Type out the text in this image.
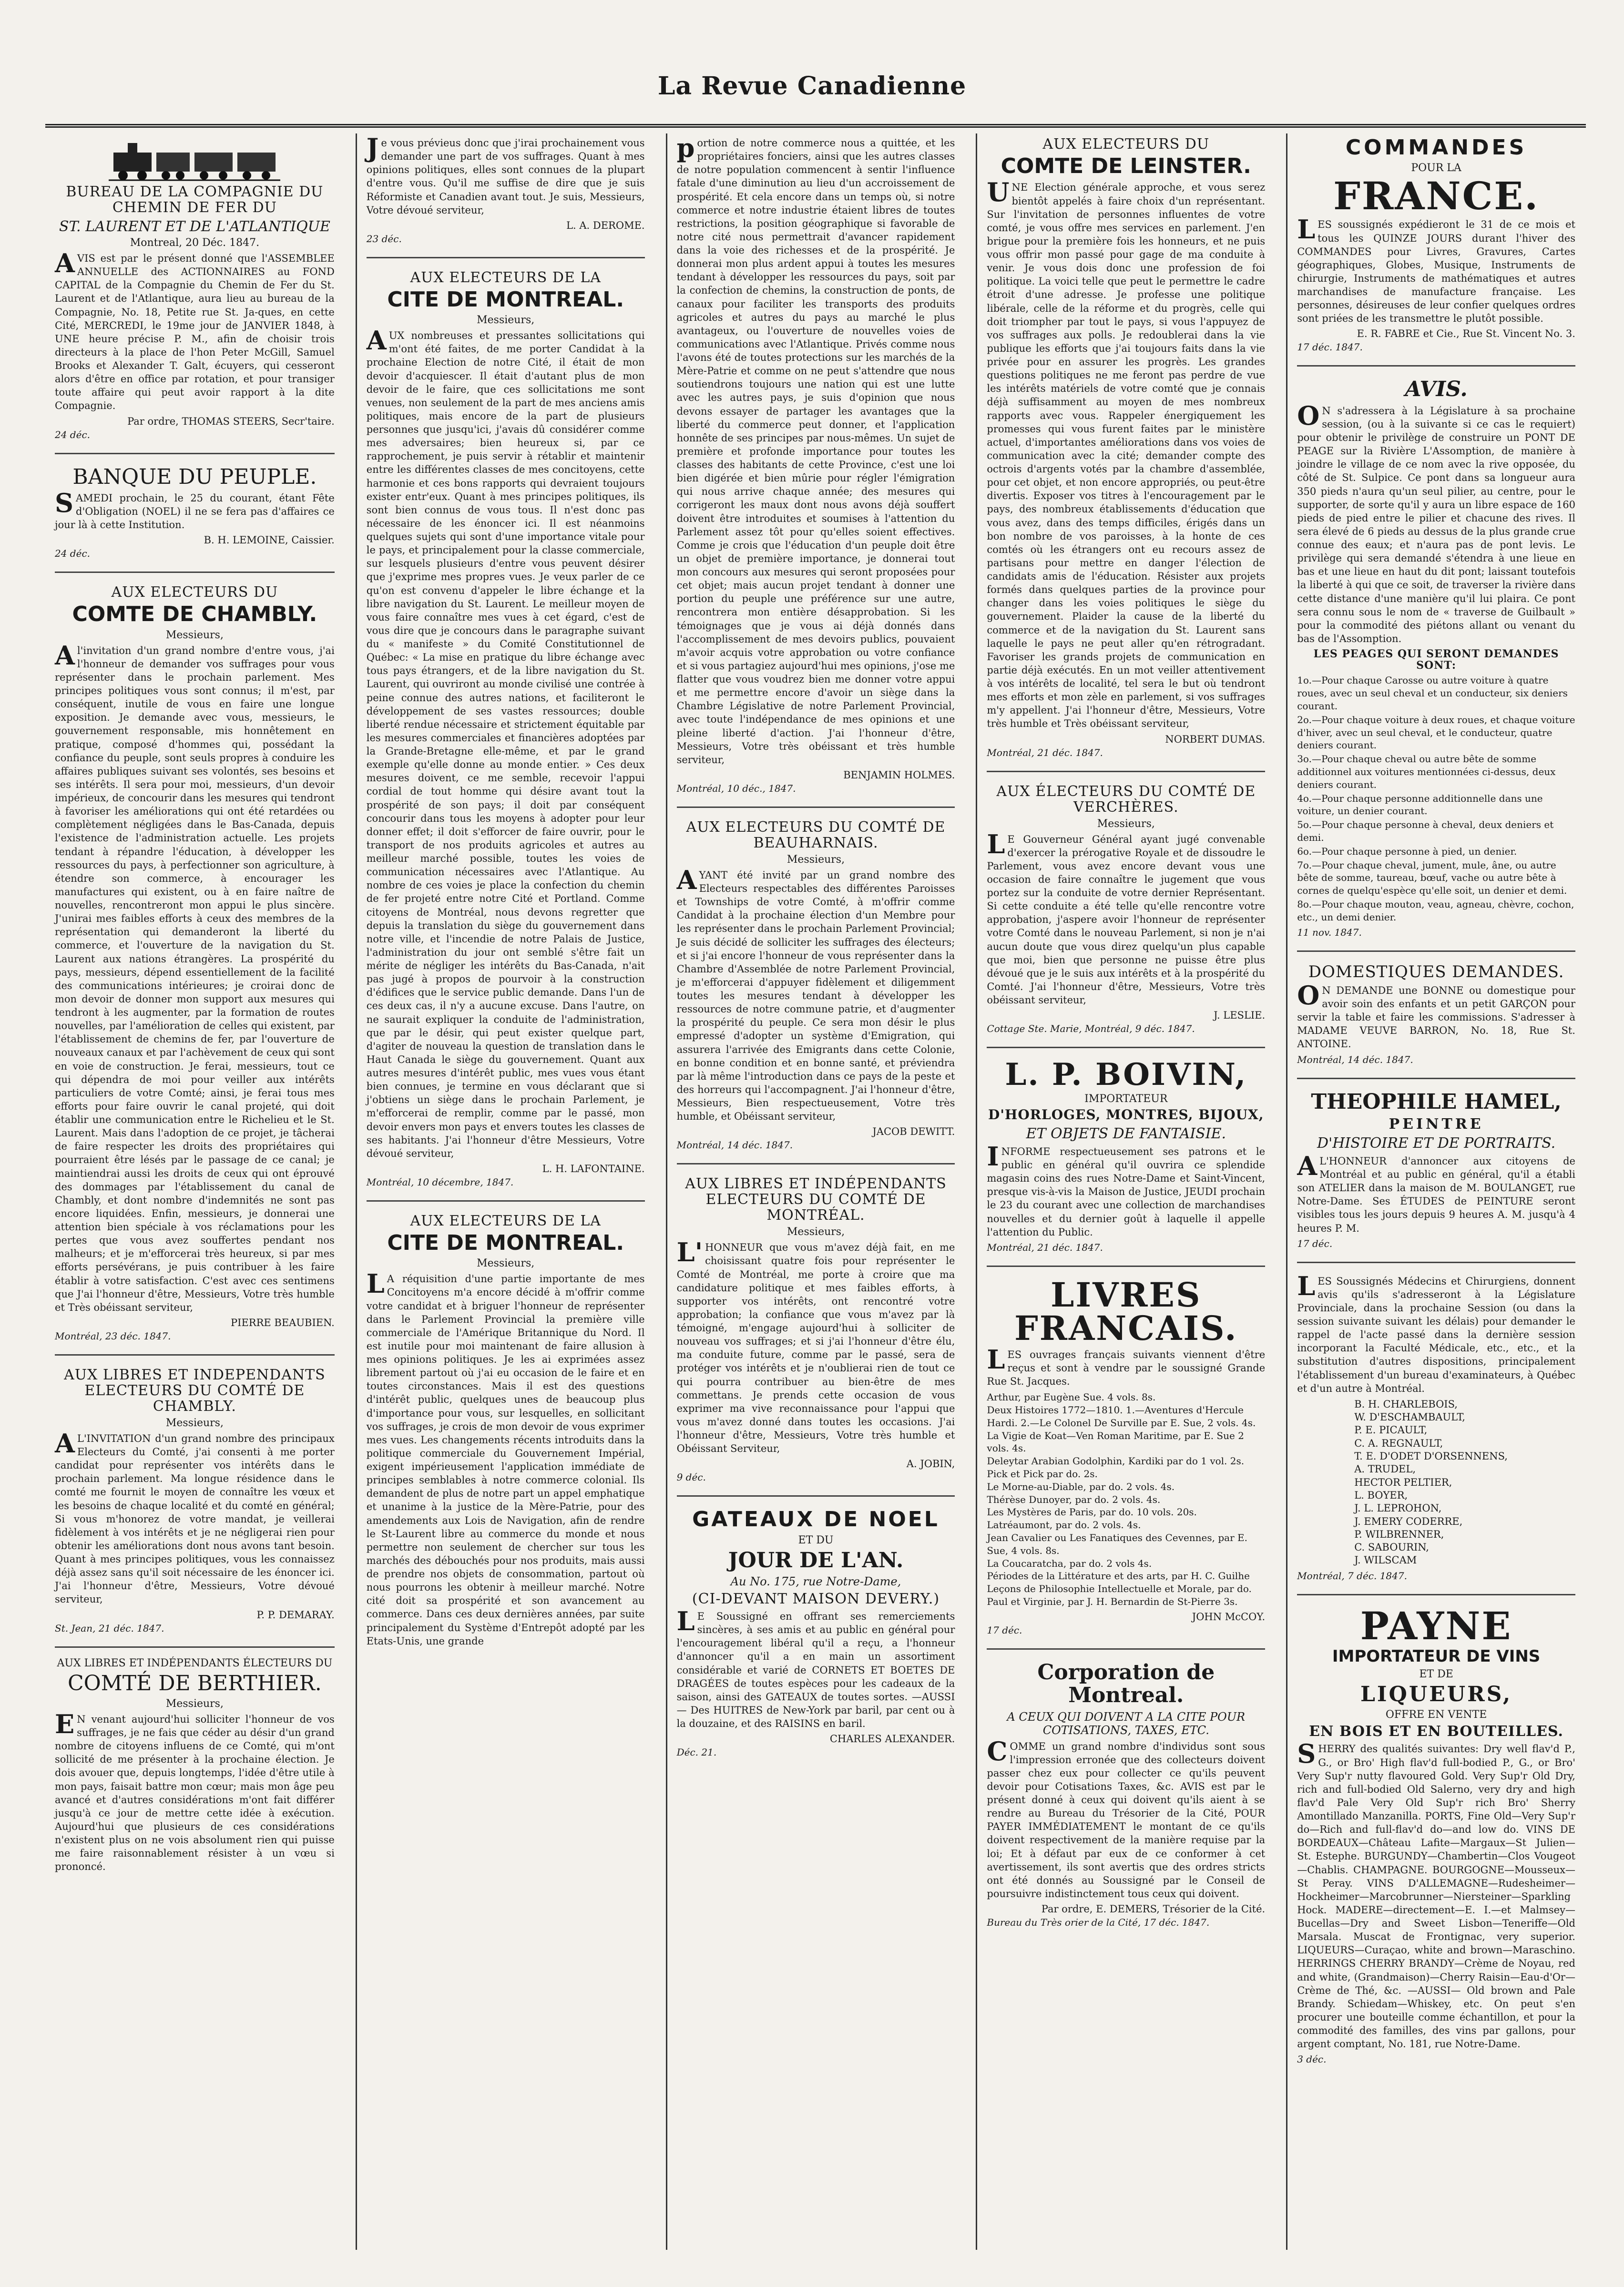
La Revue Canadienne
BUREAU DE LA COMPAGNIE DU CHEMIN DE FER DU
ST. LAURENT ET DE L'ATLANTIQUE
Montreal, 20 Déc. 1847.

AVIS est par le présent donné que l'ASSEMBLEE ANNUELLE des ACTIONNAIRES au FOND CAPITAL de la Compagnie du Chemin de Fer du St. Laurent et de l'Atlantique, aura lieu au bureau de la Compagnie, No. 18, Petite rue St. Ja-ques, en cette Cité, MERCREDI, le 19me jour de JANVIER 1848, à UNE heure précise P. M., afin de choisir trois directeurs à la place de l'hon Peter McGill, Samuel Brooks et Alexander T. Galt, écuyers, qui cesseront alors d'être en office par rotation, et pour transiger toute affaire qui peut avoir rapport à la dite Compagnie.

Par ordre, THOMAS STEERS, Secr'taire.
24 déc.
BANQUE DU PEUPLE.

SAMEDI prochain, le 25 du courant, étant Fête d'Obligation (NOEL) il ne se fera pas d'affaires ce jour là à cette Institution.

B. H. LEMOINE, Caissier.
24 déc.
AUX ELECTEURS DU
COMTE DE CHAMBLY.
Messieurs,

Al'invitation d'un grand nombre d'entre vous, j'ai l'honneur de demander vos suffrages pour vous représenter dans le prochain parlement. Mes principes politiques vous sont connus; il m'est, par conséquent, inutile de vous en faire une longue exposition. Je demande avec vous, messieurs, le gouvernement responsable, mis honnêtement en pratique, composé d'hommes qui, possédant la confiance du peuple, sont seuls propres à conduire les affaires publiques suivant ses volontés, ses besoins et ses intérêts. Il sera pour moi, messieurs, d'un devoir impérieux, de concourir dans les mesures qui tendront à favoriser les améliorations qui ont été retardées ou complètement négligées dans le Bas-Canada, depuis l'existence de l'administration actuelle. Les projets tendant à répandre l'éducation, à développer les ressources du pays, à perfectionner son agriculture, à étendre son commerce, à encourager les manufactures qui existent, ou à en faire naître de nouvelles, rencontreront mon appui le plus sincère. J'unirai mes faibles efforts à ceux des membres de la représentation qui demanderont la liberté du commerce, et l'ouverture de la navigation du St. Laurent aux nations étrangères. La prospérité du pays, messieurs, dépend essentiellement de la facilité des communications intérieures; je croirai donc de mon devoir de donner mon support aux mesures qui tendront à les augmenter, par la formation de routes nouvelles, par l'amélioration de celles qui existent, par l'établissement de chemins de fer, par l'ouverture de nouveaux canaux et par l'achèvement de ceux qui sont en voie de construction. Je ferai, messieurs, tout ce qui dépendra de moi pour veiller aux intérêts particuliers de votre Comté; ainsi, je ferai tous mes efforts pour faire ouvrir le canal projeté, qui doit établir une communication entre le Richelieu et le St. Laurent. Mais dans l'adoption de ce projet, je tâcherai de faire respecter les droits des propriétaires qui pourraient être lésés par le passage de ce canal; je maintiendrai aussi les droits de ceux qui ont éprouvé des dommages par l'établissement du canal de Chambly, et dont nombre d'indemnités ne sont pas encore liquidées. Enfin, messieurs, je donnerai une attention bien spéciale à vos réclamations pour les pertes que vous avez souffertes pendant nos malheurs; et je m'efforcerai très heureux, si par mes efforts persévérans, je puis contribuer à les faire établir à votre satisfaction. C'est avec ces sentimens que J'ai l'honneur d'être, Messieurs, Votre très humble et Très obéissant serviteur,

PIERRE BEAUBIEN.
Montréal, 23 déc. 1847.
AUX LIBRES ET INDEPENDANTS ELECTEURS DU COMTÉ DE CHAMBLY.
Messieurs,

AL'INVITATION d'un grand nombre des principaux Electeurs du Comté, j'ai consenti à me porter candidat pour représenter vos intérêts dans le prochain parlement. Ma longue résidence dans le comté me fournit le moyen de connaître les vœux et les besoins de chaque localité et du comté en général; Si vous m'honorez de votre mandat, je veillerai fidèlement à vos intérêts et je ne négligerai rien pour obtenir les améliorations dont nous avons tant besoin. Quant à mes principes politiques, vous les connaissez déjà assez sans qu'il soit nécessaire de les énoncer ici. J'ai l'honneur d'être, Messieurs, Votre dévoué serviteur,

P. P. DEMARAY.
St. Jean, 21 déc. 1847.
AUX LIBRES ET INDÉPENDANTS ÉLECTEURS DU
COMTÉ DE BERTHIER.
Messieurs,

EN venant aujourd'hui solliciter l'honneur de vos suffrages, je ne fais que céder au désir d'un grand nombre de citoyens influens de ce Comté, qui m'ont sollicité de me présenter à la prochaine élection. Je dois avouer que, depuis longtemps, l'idée d'être utile à mon pays, faisait battre mon cœur; mais mon âge peu avancé et d'autres considérations m'ont fait différer jusqu'à ce jour de mettre cette idée à exécution. Aujourd'hui que plusieurs de ces considérations n'existent plus on ne vois absolument rien qui puisse me faire raisonnablement résister à un vœu si prononcé.

Je vous prévieus donc que j'irai prochainement vous demander une part de vos suffrages. Quant à mes opinions politiques, elles sont connues de la plupart d'entre vous. Qu'il me suffise de dire que je suis Réformiste et Canadien avant tout. Je suis, Messieurs, Votre dévoué serviteur,

L. A. DEROME.
23 déc.
AUX ELECTEURS DE LA
CITE DE MONTREAL.
Messieurs,

AUX nombreuses et pressantes sollicitations qui m'ont été faites, de me porter Candidat à la prochaine Election de notre Cité, il était de mon devoir d'acquiescer. Il était d'autant plus de mon devoir de le faire, que ces sollicitations me sont venues, non seulement de la part de mes anciens amis politiques, mais encore de la part de plusieurs personnes que jusqu'ici, j'avais dû considérer comme mes adversaires; bien heureux si, par ce rapprochement, je puis servir à rétablir et maintenir entre les différentes classes de mes concitoyens, cette harmonie et ces bons rapports qui devraient toujours exister entr'eux. Quant à mes principes politiques, ils sont bien connus de vous tous. Il n'est donc pas nécessaire de les énoncer ici. Il est néanmoins quelques sujets qui sont d'une importance vitale pour le pays, et principalement pour la classe commerciale, sur lesquels plusieurs d'entre vous peuvent désirer que j'exprime mes propres vues. Je veux parler de ce qu'on est convenu d'appeler le libre échange et la libre navigation du St. Laurent. Le meilleur moyen de vous faire connaître mes vues à cet égard, c'est de vous dire que je concours dans le paragraphe suivant du « manifeste » du Comité Constitutionnel de Québec: « La mise en pratique du libre échange avec tous pays étrangers, et de la libre navigation du St. Laurent, qui ouvriront au monde civilisé une contrée à peine connue des autres nations, et faciliteront le développement de ses vastes ressources; double liberté rendue nécessaire et strictement équitable par les mesures commerciales et financières adoptées par la Grande-Bretagne elle-même, et par le grand exemple qu'elle donne au monde entier. » Ces deux mesures doivent, ce me semble, recevoir l'appui cordial de tout homme qui désire avant tout la prospérité de son pays; il doit par conséquent concourir dans tous les moyens à adopter pour leur donner effet; il doit s'efforcer de faire ouvrir, pour le transport de nos produits agricoles et autres au meilleur marché possible, toutes les voies de communication nécessaires avec l'Atlantique. Au nombre de ces voies je place la confection du chemin de fer projeté entre notre Cité et Portland. Comme citoyens de Montréal, nous devons regretter que depuis la translation du siège du gouvernement dans notre ville, et l'incendie de notre Palais de Justice, l'administration du jour ont semblé s'être fait un mérite de négliger les intérêts du Bas-Canada, n'ait pas jugé à propos de pourvoir à la construction d'édifices que le service public demande. Dans l'un de ces deux cas, il n'y a aucune excuse. Dans l'autre, on ne saurait expliquer la conduite de l'administration, que par le désir, qui peut exister quelque part, d'agiter de nouveau la question de translation dans le Haut Canada le siège du gouvernement. Quant aux autres mesures d'intérêt public, mes vues vous étant bien connues, je termine en vous déclarant que si j'obtiens un siège dans le prochain Parlement, je m'efforcerai de remplir, comme par le passé, mon devoir envers mon pays et envers toutes les classes de ses habitants. J'ai l'honneur d'être Messieurs, Votre dévoué serviteur,

L. H. LAFONTAINE.
Montréal, 10 décembre, 1847.
AUX ELECTEURS DE LA
CITE DE MONTREAL.
Messieurs,

LA réquisition d'une partie importante de mes Concitoyens m'a encore décidé à m'offrir comme votre candidat et à briguer l'honneur de représenter dans le Parlement Provincial la première ville commerciale de l'Amérique Britannique du Nord. Il est inutile pour moi maintenant de faire allusion à mes opinions politiques. Je les ai exprimées assez librement partout où j'ai eu occasion de le faire et en toutes circonstances. Mais il est des questions d'intérêt public, quelques unes de beaucoup plus d'importance pour vous, sur lesquelles, en sollicitant vos suffrages, je crois de mon devoir de vous exprimer mes vues. Les changements récents introduits dans la politique commerciale du Gouvernement Impérial, exigent impérieusement l'application immédiate de principes semblables à notre commerce colonial. Ils demandent de plus de notre part un appel emphatique et unanime à la justice de la Mère-Patrie, pour des amendements aux Lois de Navigation, afin de rendre le St-Laurent libre au commerce du monde et nous permettre non seulement de chercher sur tous les marchés des débouchés pour nos produits, mais aussi de prendre nos objets de consommation, partout où nous pourrons les obtenir à meilleur marché. Notre cité doit sa prospérité et son avancement au commerce. Dans ces deux dernières années, par suite principalement du Système d'Entrepôt adopté par les Etats-Unis, une grande

portion de notre commerce nous a quittée, et les propriétaires fonciers, ainsi que les autres classes de notre population commencent à sentir l'influence fatale d'une diminution au lieu d'un accroissement de prospérité. Et cela encore dans un temps où, si notre commerce et notre industrie étaient libres de toutes restrictions, la position géographique si favorable de notre cité nous permettrait d'avancer rapidement dans la voie des richesses et de la prospérité. Je donnerai mon plus ardent appui à toutes les mesures tendant à développer les ressources du pays, soit par la confection de chemins, la construction de ponts, de canaux pour faciliter les transports des produits agricoles et autres du pays au marché le plus avantageux, ou l'ouverture de nouvelles voies de communications avec l'Atlantique. Privés comme nous l'avons été de toutes protections sur les marchés de la Mère-Patrie et comme on ne peut s'attendre que nous soutiendrons toujours une nation qui est une lutte avec les autres pays, je suis d'opinion que nous devons essayer de partager les avantages que la liberté du commerce peut donner, et l'application honnête de ses principes par nous-mêmes. Un sujet de première et profonde importance pour toutes les classes des habitants de cette Province, c'est une loi bien digérée et bien mûrie pour régler l'émigration qui nous arrive chaque année; des mesures qui corrigeront les maux dont nous avons déjà souffert doivent être introduites et soumises à l'attention du Parlement assez tôt pour qu'elles soient effectives. Comme je crois que l'éducation d'un peuple doit être un objet de première importance, je donnerai tout mon concours aux mesures qui seront proposées pour cet objet; mais aucun projet tendant à donner une portion du peuple une préférence sur une autre, rencontrera mon entière désapprobation. Si les témoignages que je vous ai déjà donnés dans l'accomplissement de mes devoirs publics, pouvaient m'avoir acquis votre approbation ou votre confiance et si vous partagiez aujourd'hui mes opinions, j'ose me flatter que vous voudrez bien me donner votre appui et me permettre encore d'avoir un siège dans la Chambre Législative de notre Parlement Provincial, avec toute l'indépendance de mes opinions et une pleine liberté d'action. J'ai l'honneur d'être, Messieurs, Votre très obéissant et très humble serviteur,

BENJAMIN HOLMES.
Montréal, 10 déc., 1847.
AUX ELECTEURS DU COMTÉ DE BEAUHARNAIS.
Messieurs,

AYANT été invité par un grand nombre des Electeurs respectables des différentes Paroisses et Townships de votre Comté, à m'offrir comme Candidat à la prochaine élection d'un Membre pour les représenter dans le prochain Parlement Provincial; Je suis décidé de solliciter les suffrages des électeurs; et si j'ai encore l'honneur de vous représenter dans la Chambre d'Assemblée de notre Parlement Provincial, je m'efforcerai d'appuyer fidèlement et diligemment toutes les mesures tendant à développer les ressources de notre commune patrie, et d'augmenter la prospérité du peuple. Ce sera mon désir le plus empressé d'adopter un système d'Emigration, qui assurera l'arrivée des Emigrants dans cette Colonie, en bonne condition et en bonne santé, et préviendra par là même l'introduction dans ce pays de la peste et des horreurs qui l'accompagnent. J'ai l'honneur d'être, Messieurs, Bien respectueusement, Votre très humble, et Obéissant serviteur,

JACOB DEWITT.
Montréal, 14 déc. 1847.
AUX LIBRES ET INDÉPENDANTS ELECTEURS DU COMTÉ DE MONTRÉAL.
Messieurs,

L'HONNEUR que vous m'avez déjà fait, en me choisissant quatre fois pour représenter le Comté de Montréal, me porte à croire que ma candidature politique et mes faibles efforts, à supporter vos intérêts, ont rencontré votre approbation; la confiance que vous m'avez par là témoigné, m'engage aujourd'hui à solliciter de nouveau vos suffrages; et si j'ai l'honneur d'être élu, ma conduite future, comme par le passé, sera de protéger vos intérêts et je n'oublierai rien de tout ce qui pourra contribuer au bien-être de mes commettans. Je prends cette occasion de vous exprimer ma vive reconnaissance pour l'appui que vous m'avez donné dans toutes les occasions. J'ai l'honneur d'être, Messieurs, Votre très humble et Obéissant Serviteur,

A. JOBIN,
9 déc.
GATEAUX DE NOEL
ET DU
JOUR DE L'AN.
Au No. 175, rue Notre-Dame,
(CI-DEVANT MAISON DEVERY.)

LE Soussigné en offrant ses remerciements sincères, à ses amis et au public en général pour l'encouragement libéral qu'il a reçu, a l'honneur d'annoncer qu'il a en main un assortiment considérable et varié de CORNETS ET BOETES DE DRAGÉES de toutes espèces pour les cadeaux de la saison, ainsi des GATEAUX de toutes sortes. —AUSSI— Des HUITRES de New-York par baril, par cent ou à la douzaine, et des RAISINS en baril.

CHARLES ALEXANDER.
Déc. 21.
AUX ELECTEURS DU
COMTE DE LEINSTER.

UNE Election générale approche, et vous serez bientôt appelés à faire choix d'un représentant. Sur l'invitation de personnes influentes de votre comté, je vous offre mes services en parlement. J'en brigue pour la première fois les honneurs, et ne puis vous offrir mon passé pour gage de ma conduite à venir. Je vous dois donc une profession de foi politique. La voici telle que peut le permettre le cadre étroit d'une adresse. Je professe une politique libérale, celle de la réforme et du progrès, celle qui doit triompher par tout le pays, si vous l'appuyez de vos suffrages aux polls. Je redoublerai dans la vie publique les efforts que j'ai toujours faits dans la vie privée pour en assurer les progrès. Les grandes questions politiques ne me feront pas perdre de vue les intérêts matériels de votre comté que je connais déjà suffisamment au moyen de mes nombreux rapports avec vous. Rappeler énergiquement les promesses qui vous furent faites par le ministère actuel, d'importantes améliorations dans vos voies de communication avec la cité; demander compte des octrois d'argents votés par la chambre d'assemblée, pour cet objet, et non encore appropriés, ou peut-être divertis. Exposer vos titres à l'encouragement par le pays, des nombreux établissements d'éducation que vous avez, dans des temps difficiles, érigés dans un bon nombre de vos paroisses, à la honte de ces comtés où les étrangers ont eu recours assez de partisans pour mettre en danger l'élection de candidats amis de l'éducation. Résister aux projets formés dans quelques parties de la province pour changer dans les voies politiques le siège du gouvernement. Plaider la cause de la liberté du commerce et de la navigation du St. Laurent sans laquelle le pays ne peut aller qu'en rétrogradant. Favoriser les grands projets de communication en partie déjà exécutés. En un mot veiller attentivement à vos intérêts de localité, tel sera le but où tendront mes efforts et mon zèle en parlement, si vos suffrages m'y appellent. J'ai l'honneur d'être, Messieurs, Votre très humble et Très obéissant serviteur,

NORBERT DUMAS.
Montréal, 21 déc. 1847.
AUX ÉLECTEURS DU COMTÉ DE VERCHÈRES.
Messieurs,

LE Gouverneur Général ayant jugé convenable d'exercer la prérogative Royale et de dissoudre le Parlement, vous avez encore devant vous une occasion de faire connaître le jugement que vous portez sur la conduite de votre dernier Représentant. Si cette conduite a été telle qu'elle rencontre votre approbation, j'aspere avoir l'honneur de représenter votre Comté dans le nouveau Parlement, si non je n'ai aucun doute que vous direz quelqu'un plus capable que moi, bien que personne ne puisse être plus dévoué que je le suis aux intérêts et à la prospérité du Comté. J'ai l'honneur d'être, Messieurs, Votre très obéissant serviteur,

J. LESLIE.
Cottage Ste. Marie, Montréal, 9 déc. 1847.
L. P. BOIVIN,
IMPORTATEUR
D'HORLOGES, MONTRES, BIJOUX,
ET OBJETS DE FANTAISIE.

INFORME respectueusement ses patrons et le public en général qu'il ouvrira ce splendide magasin coins des rues Notre-Dame et Saint-Vincent, presque vis-à-vis la Maison de Justice, JEUDI prochain le 23 du courant avec une collection de marchandises nouvelles et du dernier goût à laquelle il appelle l'attention du Public.

Montréal, 21 déc. 1847.
LIVRES FRANCAIS.

LES ouvrages français suivants viennent d'être reçus et sont à vendre par le soussigné Grande Rue St. Jacques.

Arthur, par Eugène Sue. 4 vols. 8s.
Deux Histoires 1772—1810. 1.—Aventures d'Hercule Hardi. 2.—Le Colonel De Surville par E. Sue, 2 vols. 4s.
La Vigie de Koat—Ven Roman Maritime, par E. Sue 2 vols. 4s.
Deleytar Arabian Godolphin, Kardiki par do 1 vol. 2s.
Pick et Pick par do. 2s.
Le Morne-au-Diable, par do. 2 vols. 4s.
Thérèse Dunoyer, par do. 2 vols. 4s.
Les Mystères de Paris, par do. 10 vols. 20s.
Latréaumont, par do. 2 vols. 4s.
Jean Cavalier ou Les Fanatiques des Cevennes, par E. Sue, 4 vols. 8s.
La Coucaratcha, par do. 2 vols 4s.
Périodes de la Littérature et des arts, par H. C. Guilhe
Leçons de Philosophie Intellectuelle et Morale, par do.
Paul et Virginie, par J. H. Bernardin de St-Pierre 3s.
JOHN McCOY.
17 déc.
Corporation de Montreal.
A CEUX QUI DOIVENT A LA CITE POUR COTISATIONS, TAXES, ETC.

COMME un grand nombre d'individus sont sous l'impression erronée que des collecteurs doivent passer chez eux pour collecter ce qu'ils peuvent devoir pour Cotisations Taxes, &c. AVIS est par le présent donné à ceux qui doivent qu'ils aient à se rendre au Bureau du Trésorier de la Cité, POUR PAYER IMMÉDIATEMENT le montant de ce qu'ils doivent respectivement de la manière requise par la loi; Et à défaut par eux de ce conformer à cet avertissement, ils sont avertis que des ordres stricts ont été donnés au Soussigné par le Conseil de poursuivre indistinctement tous ceux qui doivent.

Par ordre, E. DEMERS, Trésorier de la Cité.
Bureau du Très orier de la Cité, 17 déc. 1847.
COMMANDES
POUR LA
FRANCE.

LES soussignés expédieront le 31 de ce mois et tous les QUINZE JOURS durant l'hiver des COMMANDES pour Livres, Gravures, Cartes géographiques, Globes, Musique, Instruments de chirurgie, Instruments de mathématiques et autres marchandises de manufacture française. Les personnes, désireuses de leur confier quelques ordres sont priées de les transmettre le plutôt possible.

E. R. FABRE et Cie., Rue St. Vincent No. 3.
17 déc. 1847.
AVIS.

ON s'adressera à la Législature à sa prochaine session, (ou à la suivante si ce cas le requiert) pour obtenir le privilège de construire un PONT DE PEAGE sur la Rivière L'Assomption, de manière à joindre le village de ce nom avec la rive opposée, du côté de St. Sulpice. Ce pont dans sa longueur aura 350 pieds n'aura qu'un seul pilier, au centre, pour le supporter, de sorte qu'il y aura un libre espace de 160 pieds de pied entre le pilier et chacune des rives. Il sera élevé de 6 pieds au dessus de la plus grande crue connue des eaux; et n'aura pas de pont levis. Le privilège qui sera demandé s'étendra à une lieue en bas et une lieue en haut du dit pont; laissant toutefois la liberté à qui que ce soit, de traverser la rivière dans cette distance d'une manière qu'il lui plaira. Ce pont sera connu sous le nom de « traverse de Guilbault » pour la commodité des piétons allant ou venant du bas de l'Assomption.

LES PEAGES QUI SERONT DEMANDES SONT:
1o.—Pour chaque Carosse ou autre voiture à quatre roues, avec un seul cheval et un conducteur, six deniers courant.
2o.—Pour chaque voiture à deux roues, et chaque voiture d'hiver, avec un seul cheval, et le conducteur, quatre deniers courant.
3o.—Pour chaque cheval ou autre bête de somme additionnel aux voitures mentionnées ci-dessus, deux deniers courant.
4o.—Pour chaque personne additionnelle dans une voiture, un denier courant.
5o.—Pour chaque personne à cheval, deux deniers et demi.
6o.—Pour chaque personne à pied, un denier.
7o.—Pour chaque cheval, jument, mule, âne, ou autre bête de somme, taureau, bœuf, vache ou autre bête à cornes de quelqu'espèce qu'elle soit, un denier et demi.
8o.—Pour chaque mouton, veau, agneau, chèvre, cochon, etc., un demi denier.
11 nov. 1847.
DOMESTIQUES DEMANDES.

ON DEMANDE une BONNE ou domestique pour avoir soin des enfants et un petit GARÇON pour servir la table et faire les commissions. S'adresser à MADAME VEUVE BARRON, No. 18, Rue St. ANTOINE.

Montréal, 14 déc. 1847.
THEOPHILE HAMEL,
PEINTRE
D'HISTOIRE ET DE PORTRAITS.

AL'HONNEUR d'annoncer aux citoyens de Montréal et au public en général, qu'il a établi son ATELIER dans la maison de M. BOULANGET, rue Notre-Dame. Ses ÉTUDES de PEINTURE seront visibles tous les jours depuis 9 heures A. M. jusqu'à 4 heures P. M.

17 déc.

LES Soussignés Médecins et Chirurgiens, donnent avis qu'ils s'adresseront à la Législature Provinciale, dans la prochaine Session (ou dans la session suivante suivant les délais) pour demander le rappel de l'acte passé dans la dernière session incorporant la Faculté Médicale, etc., etc., et la substitution d'autres dispositions, principalement l'établissement d'un bureau d'examinateurs, à Québec et d'un autre à Montréal.

B. H. CHARLEBOIS,
W. D'ESCHAMBAULT,
P. E. PICAULT,
C. A. REGNAULT,
T. E. D'ODET D'ORSENNENS,
A. TRUDEL,
HECTOR PELTIER,
L. BOYER,
J. L. LEPROHON,
J. EMERY CODERRE,
P. WILBRENNER,
C. SABOURIN,
J. WILSCAM
Montréal, 7 déc. 1847.
PAYNE
IMPORTATEUR DE VINS
ET DE
LIQUEURS,
OFFRE EN VENTE
EN BOIS ET EN BOUTEILLES.

SHERRY des qualités suivantes: Dry well flav'd P., G., or Bro' High flav'd full-bodied P., G., or Bro' Very Sup'r nutty flavoured Gold. Very Sup'r Old Dry, rich and full-bodied Old Salerno, very dry and high flav'd Pale Very Old Sup'r rich Bro' Sherry Amontillado Manzanilla. PORTS, Fine Old—Very Sup'r do—Rich and full-flav'd do—and low do. VINS DE BORDEAUX—Château Lafite—Margaux—St Julien—St. Estephe. BURGUNDY—Chambertin—Clos Vougeot—Chablis. CHAMPAGNE. BOURGOGNE—Mousseux—St Peray. VINS D'ALLEMAGNE—Rudesheimer—Hockheimer—Marcobrunner—Niersteiner—Sparkling Hock. MADERE—directement—E. I.—et Malmsey—Bucellas—Dry and Sweet Lisbon—Teneriffe—Old Marsala. Muscat de Frontignac, very superior. LIQUEURS—Curaçao, white and brown—Maraschino. HERRINGS CHERRY BRANDY—Crème de Noyau, red and white, (Grandmaison)—Cherry Raisin—Eau-d'Or—Crème de Thé, &c. —AUSSI— Old brown and Pale Brandy. Schiedam—Whiskey, etc. On peut s'en procurer une bouteille comme échantillon, et pour la commodité des familles, des vins par gallons, pour argent comptant, No. 181, rue Notre-Dame.

3 déc.
